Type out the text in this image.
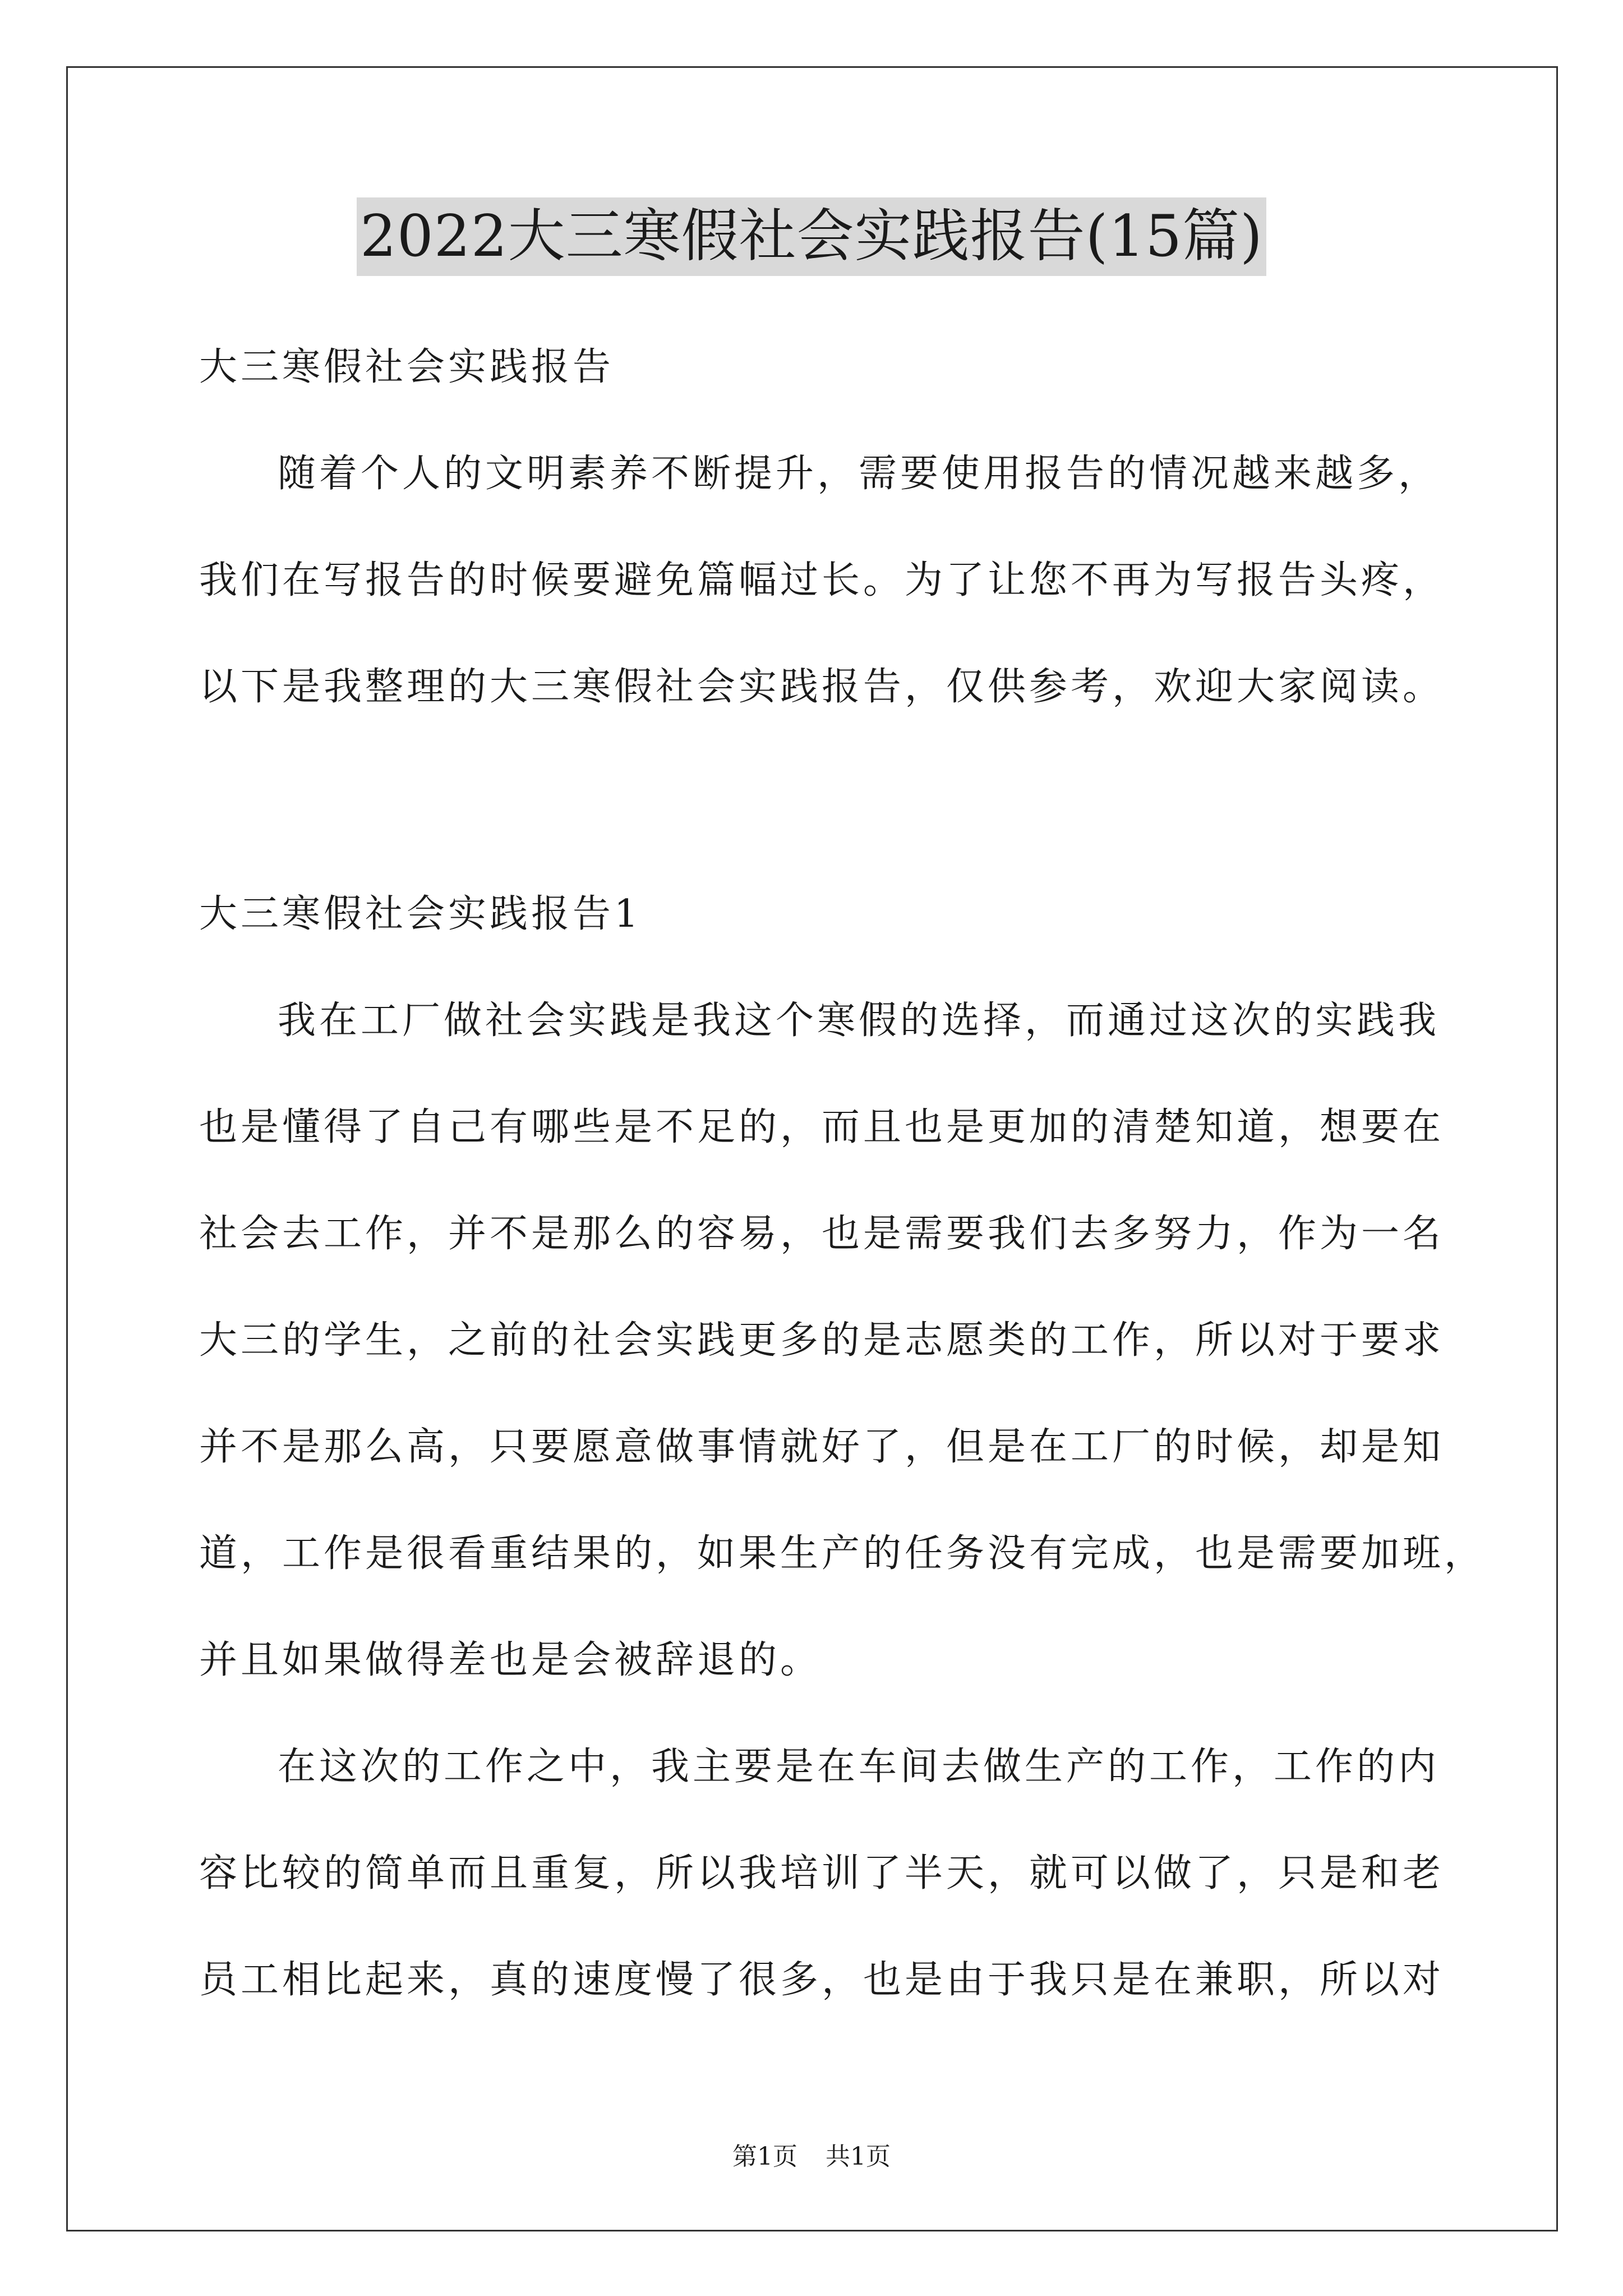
2022大三寒假社会实践报告(15篇)
大三寒假社会实践报告
随着个人的文明素养不断提升，需要使用报告的情况越来越多，
我们在写报告的时候要避免篇幅过长。为了让您不再为写报告头疼，
以下是我整理的大三寒假社会实践报告，仅供参考，欢迎大家阅读。
大三寒假社会实践报告1
我在工厂做社会实践是我这个寒假的选择，而通过这次的实践我
也是懂得了自己有哪些是不足的，而且也是更加的清楚知道，想要在
社会去工作，并不是那么的容易，也是需要我们去多努力，作为一名
大三的学生，之前的社会实践更多的是志愿类的工作，所以对于要求
并不是那么高，只要愿意做事情就好了，但是在工厂的时候，却是知
道，工作是很看重结果的，如果生产的任务没有完成，也是需要加班，
并且如果做得差也是会被辞退的。
在这次的工作之中，我主要是在车间去做生产的工作，工作的内
容比较的简单而且重复，所以我培训了半天，就可以做了，只是和老
员工相比起来，真的速度慢了很多，也是由于我只是在兼职，所以对
第1页 共1页
